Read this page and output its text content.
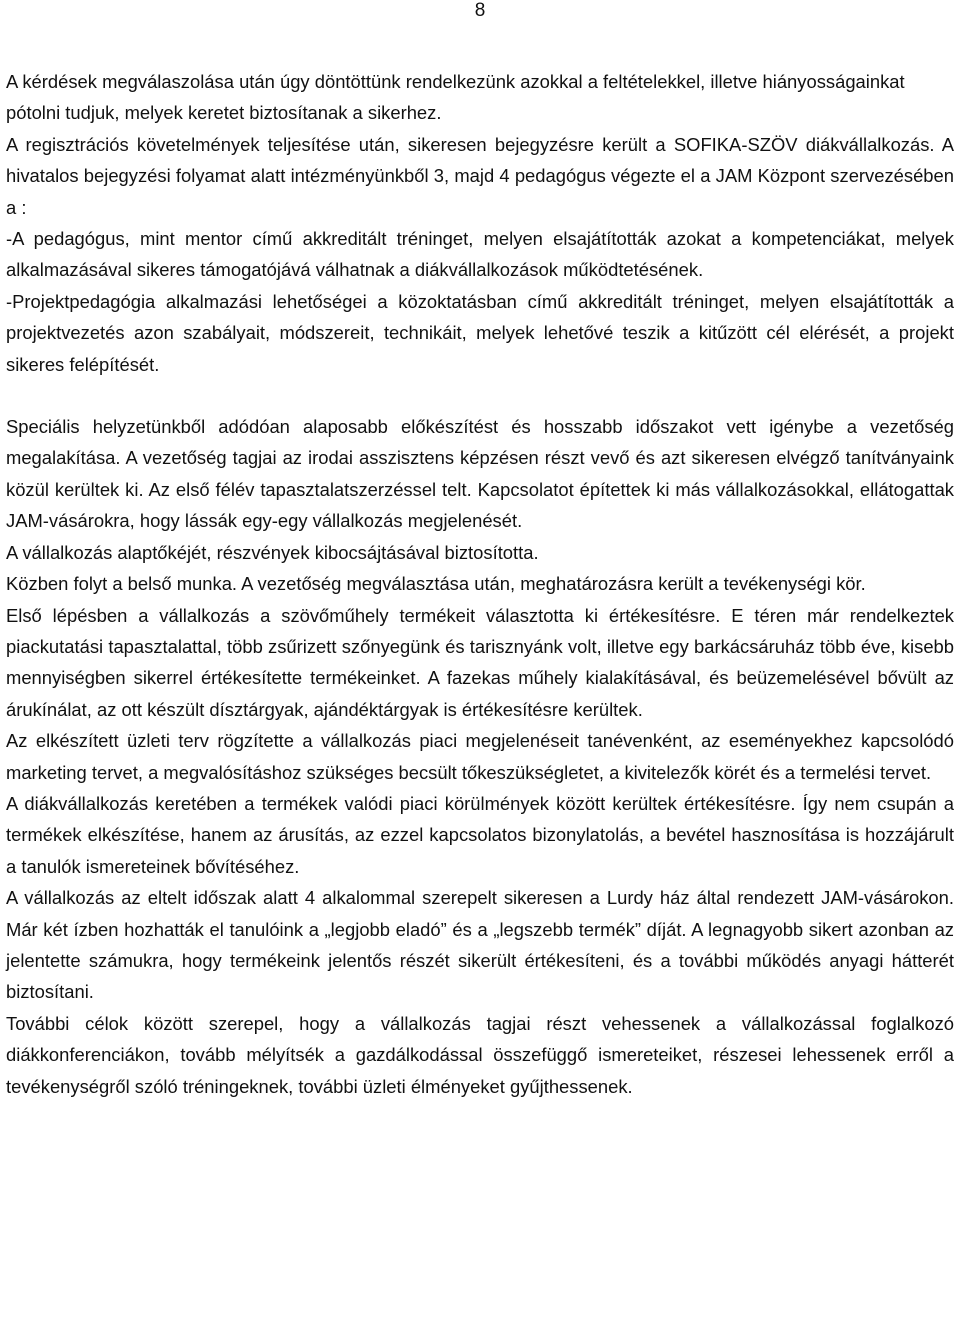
8

A kérdések megválaszolása után úgy döntöttünk rendelkezünk azokkal a feltételekkel, illetve hiányosságainkat pótolni tudjuk, melyek keretet biztosítanak a sikerhez.

A regisztrációs követelmények teljesítése után, sikeresen bejegyzésre került a SOFIKA-SZÖV diákvállalkozás. A hivatalos bejegyzési folyamat alatt intézményünkből 3, majd 4 pedagógus végezte el a JAM Központ szervezésében a :

-A pedagógus, mint mentor című akkreditált tréninget, melyen elsajátították azokat a kompetenciákat, melyek alkalmazásával sikeres támogatójává válhatnak a diákvállalkozások működtetésének.

-Projektpedagógia alkalmazási lehetőségei a közoktatásban című akkreditált tréninget, melyen elsajátították a projektvezetés azon szabályait, módszereit, technikáit, melyek lehetővé teszik a kitűzött cél elérését, a projekt sikeres felépítését.

Speciális helyzetünkből adódóan alaposabb előkészítést és hosszabb időszakot vett igénybe a vezetőség megalakítása. A vezetőség tagjai az irodai asszisztens képzésen részt vevő és azt sikeresen elvégző tanítványaink közül kerültek ki. Az első félév tapasztalatszerzéssel telt. Kapcsolatot építettek ki más vállalkozásokkal, ellátogattak JAM-vásárokra, hogy lássák egy-egy vállalkozás megjelenését.

A vállalkozás alaptőkéjét, részvények kibocsájtásával biztosította.

Közben folyt a belső munka. A vezetőség megválasztása után, meghatározásra került a tevékenységi kör.

Első lépésben a vállalkozás a szövőműhely termékeit választotta ki értékesítésre. E téren már rendelkeztek piackutatási tapasztalattal, több zsűrizett szőnyegünk és tarisznyánk volt, illetve egy barkácsáruház több éve, kisebb mennyiségben sikerrel értékesítette termékeinket. A fazekas műhely kialakításával, és beüzemelésével bővült az árukínálat, az ott készült dísztárgyak, ajándéktárgyak is értékesítésre kerültek.

Az elkészített üzleti terv rögzítette a vállalkozás piaci megjelenéseit tanévenként, az eseményekhez kapcsolódó marketing tervet, a megvalósításhoz szükséges becsült tőkeszükségletet, a kivitelezők körét és a termelési tervet.

A diákvállalkozás keretében a termékek valódi piaci körülmények között kerültek értékesítésre. Így nem csupán a termékek elkészítése, hanem az árusítás, az ezzel kapcsolatos bizonylatolás, a bevétel hasznosítása is hozzájárult a tanulók ismereteinek bővítéséhez.

A vállalkozás az eltelt időszak alatt 4 alkalommal szerepelt sikeresen a Lurdy ház által rendezett JAM-vásárokon. Már két ízben hozhatták el tanulóink a „legjobb eladó” és a „legszebb termék” díját. A legnagyobb sikert azonban az jelentette számukra, hogy termékeink jelentős részét sikerült értékesíteni, és a további működés anyagi hátterét biztosítani.

További célok között szerepel, hogy a vállalkozás tagjai részt vehessenek a vállalkozással foglalkozó diákkonferenciákon, tovább mélyítsék a gazdálkodással összefüggő ismereteiket, részesei lehessenek erről a tevékenységről szóló tréningeknek, további üzleti élményeket gyűjthessenek.
